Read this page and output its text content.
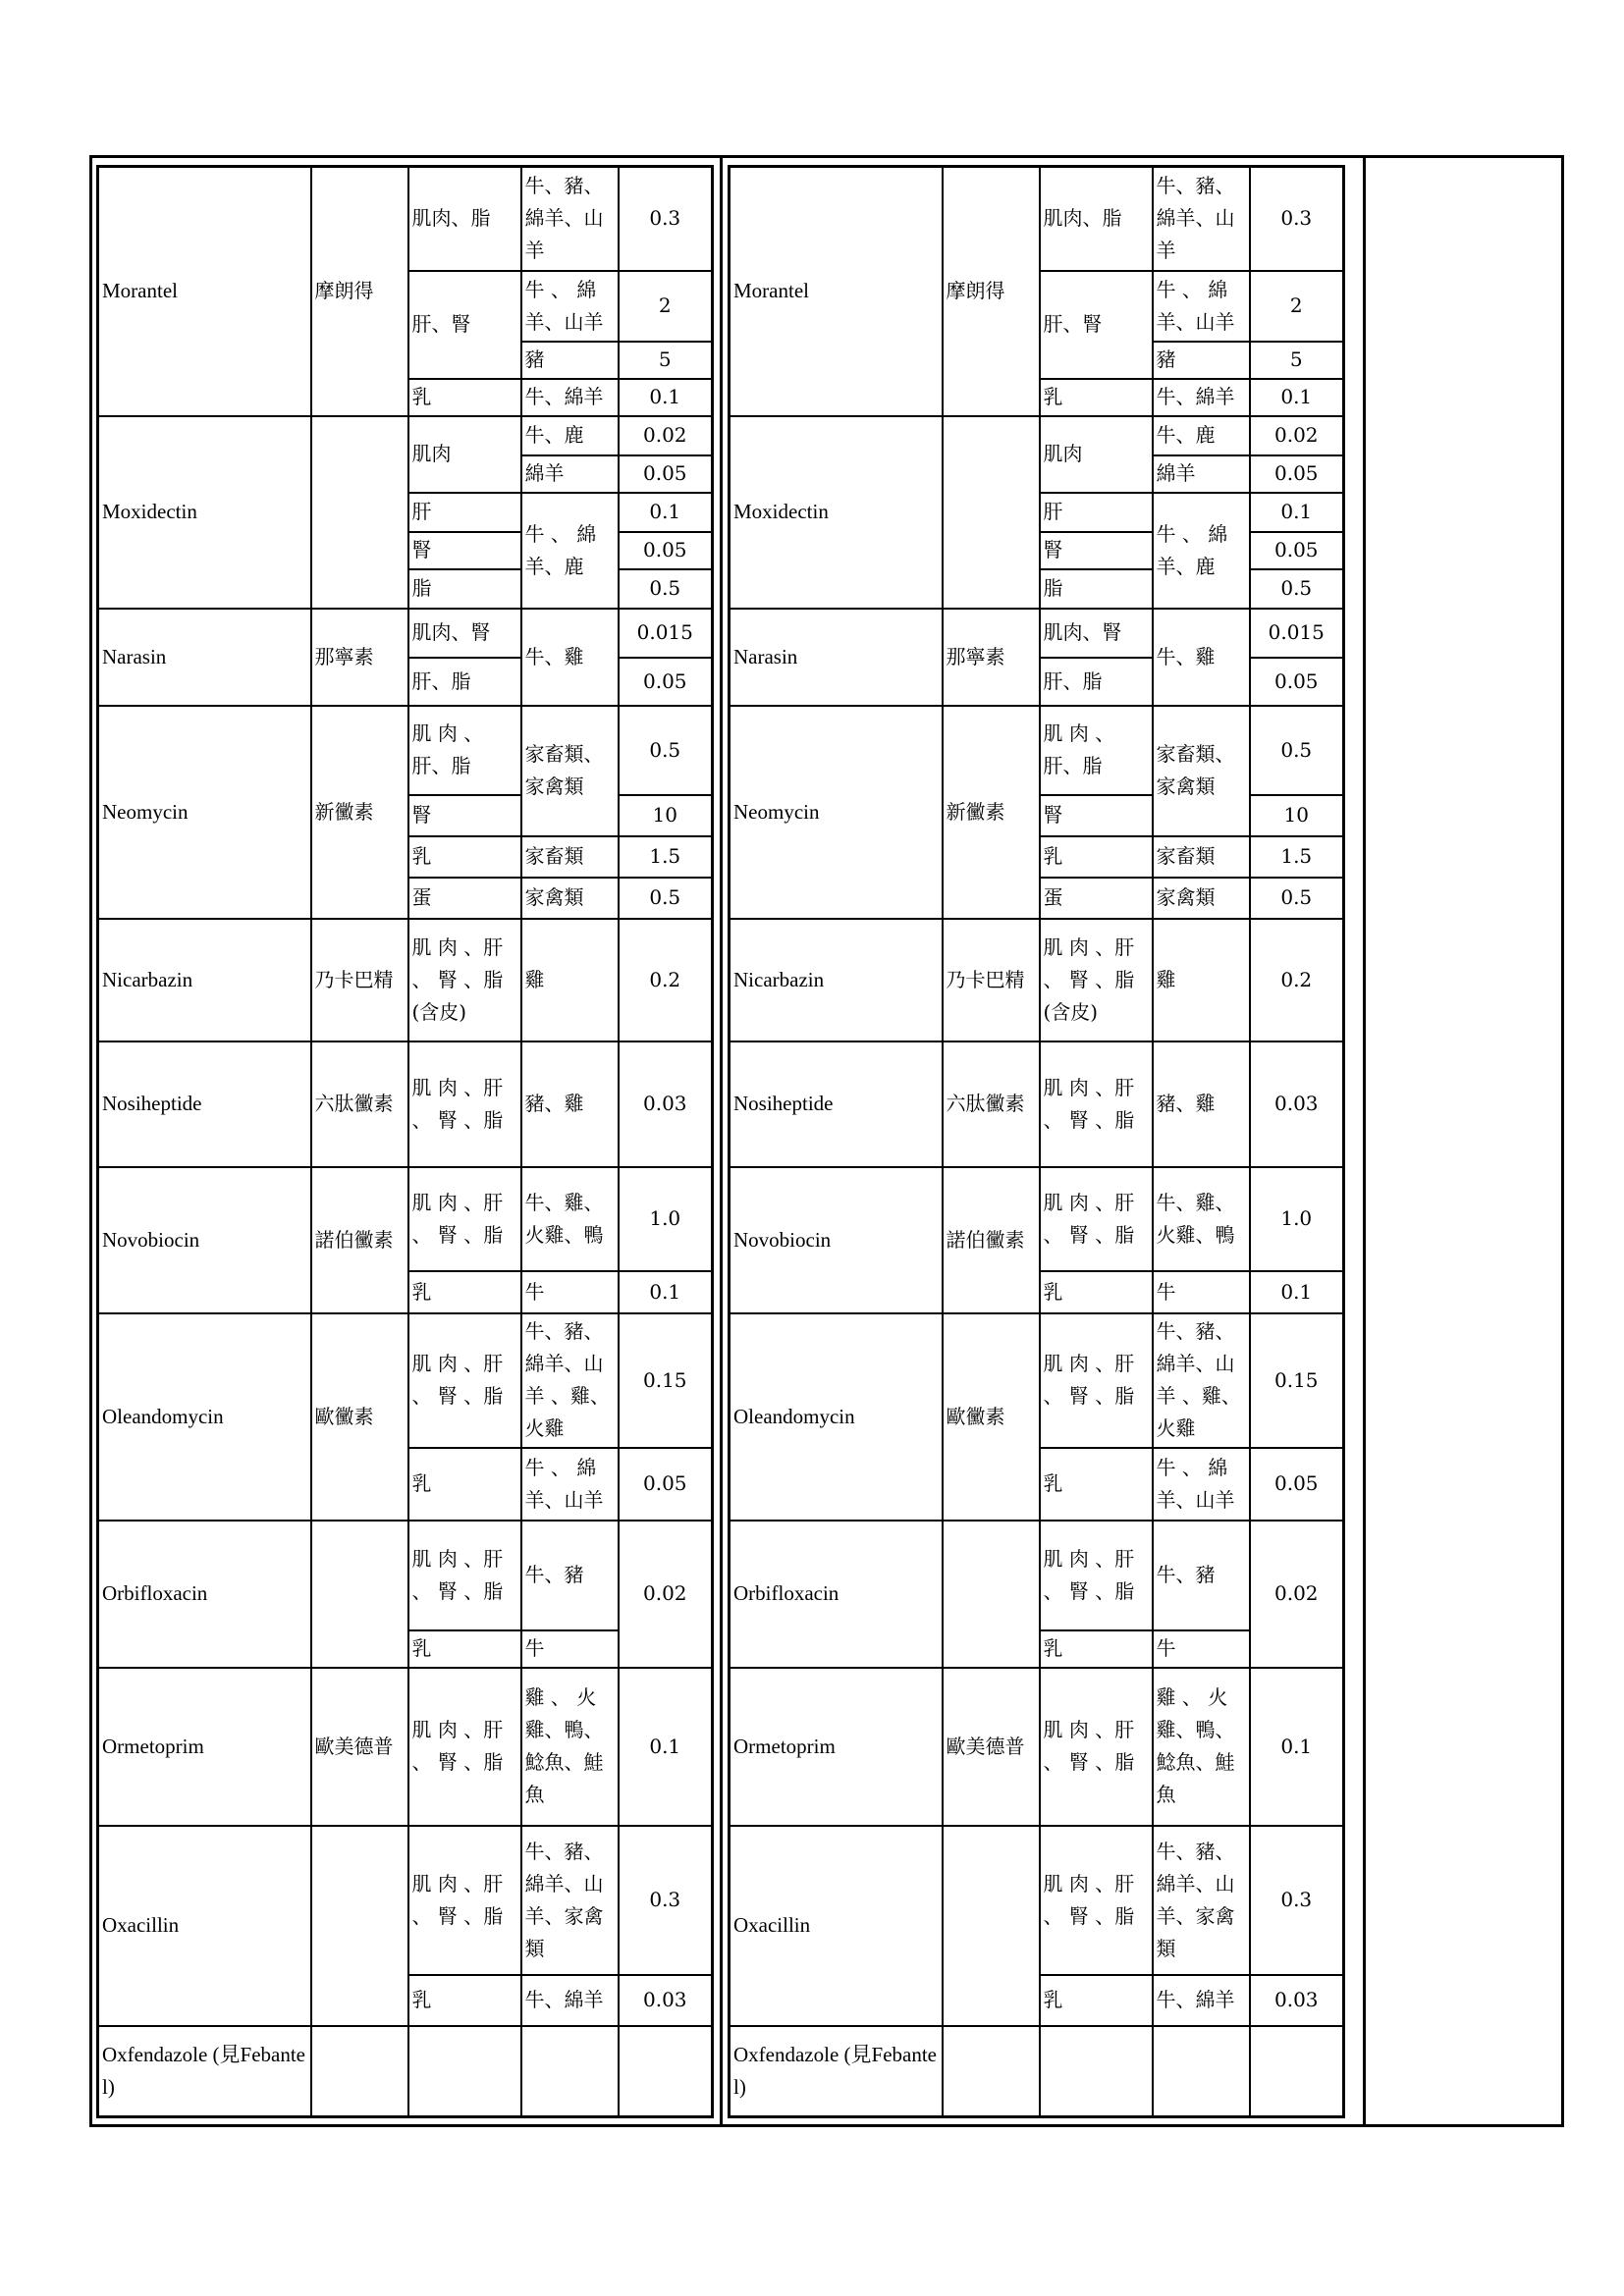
Morantel	摩朗得	肌肉、脂	牛、豬、綿羊、山羊	0.3
		肝、腎	牛 、 綿羊、山羊	2
			豬	5
		乳	牛、綿羊	0.1
Moxidectin		肌肉	牛、鹿	0.02
			綿羊	0.05
		肝	牛 、 綿羊、鹿	0.1
		腎		0.05
		脂		0.5
Narasin	那寧素	肌肉、腎	牛、雞	0.015
		肝、脂		0.05
Neomycin	新黴素	肌 肉 、肝、脂	家畜類、家禽類	0.5
		腎		10
		乳	家畜類	1.5
		蛋	家禽類	0.5
Nicarbazin	乃卡巴精	肌 肉 、肝 、 腎 、脂(含皮)	雞	0.2
Nosiheptide	六肽黴素	肌 肉 、肝 、 腎 、脂	豬、雞	0.03
Novobiocin	諾伯黴素	肌 肉 、肝 、 腎 、脂	牛、雞、 火雞、鴨	1.0
		乳	牛	0.1
Oleandomycin	歐黴素	肌 肉 、肝 、 腎 、脂	牛、豬、 綿羊、山 羊 、雞、火雞	0.15
		乳	牛 、 綿羊、山羊	0.05
Orbifloxacin		肌 肉 、肝 、 腎 、脂	牛、豬	0.02
		乳	牛	
Ormetoprim	歐美德普	肌 肉 、肝 、 腎 、脂	雞 、 火雞、鴨、鯰魚、鮭魚	0.1
Oxacillin		肌 肉 、肝 、 腎 、脂	牛、豬、 綿羊、山羊、家禽類	0.3
		乳	牛、綿羊	0.03
Oxfendazole (見Febantel)				
Morantel	摩朗得	肌肉、脂	牛、豬、綿羊、山羊	0.3
		肝、腎	牛 、 綿羊、山羊	2
			豬	5
		乳	牛、綿羊	0.1
Moxidectin		肌肉	牛、鹿	0.02
			綿羊	0.05
		肝	牛 、 綿羊、鹿	0.1
		腎		0.05
		脂		0.5
Narasin	那寧素	肌肉、腎	牛、雞	0.015
		肝、脂		0.05
Neomycin	新黴素	肌 肉 、肝、脂	家畜類、家禽類	0.5
		腎		10
		乳	家畜類	1.5
		蛋	家禽類	0.5
Nicarbazin	乃卡巴精	肌 肉 、肝 、 腎 、脂(含皮)	雞	0.2
Nosiheptide	六肽黴素	肌 肉 、肝 、 腎 、脂	豬、雞	0.03
Novobiocin	諾伯黴素	肌 肉 、肝 、 腎 、脂	牛、雞、 火雞、鴨	1.0
		乳	牛	0.1
Oleandomycin	歐黴素	肌 肉 、肝 、 腎 、脂	牛、豬、 綿羊、山 羊 、雞、火雞	0.15
		乳	牛 、 綿羊、山羊	0.05
Orbifloxacin		肌 肉 、肝 、 腎 、脂	牛、豬	0.02
		乳	牛	
Ormetoprim	歐美德普	肌 肉 、肝 、 腎 、脂	雞 、 火雞、鴨、鯰魚、鮭魚	0.1
Oxacillin		肌 肉 、肝 、 腎 、脂	牛、豬、 綿羊、山羊、家禽類	0.3
		乳	牛、綿羊	0.03
Oxfendazole (見Febantel)				
